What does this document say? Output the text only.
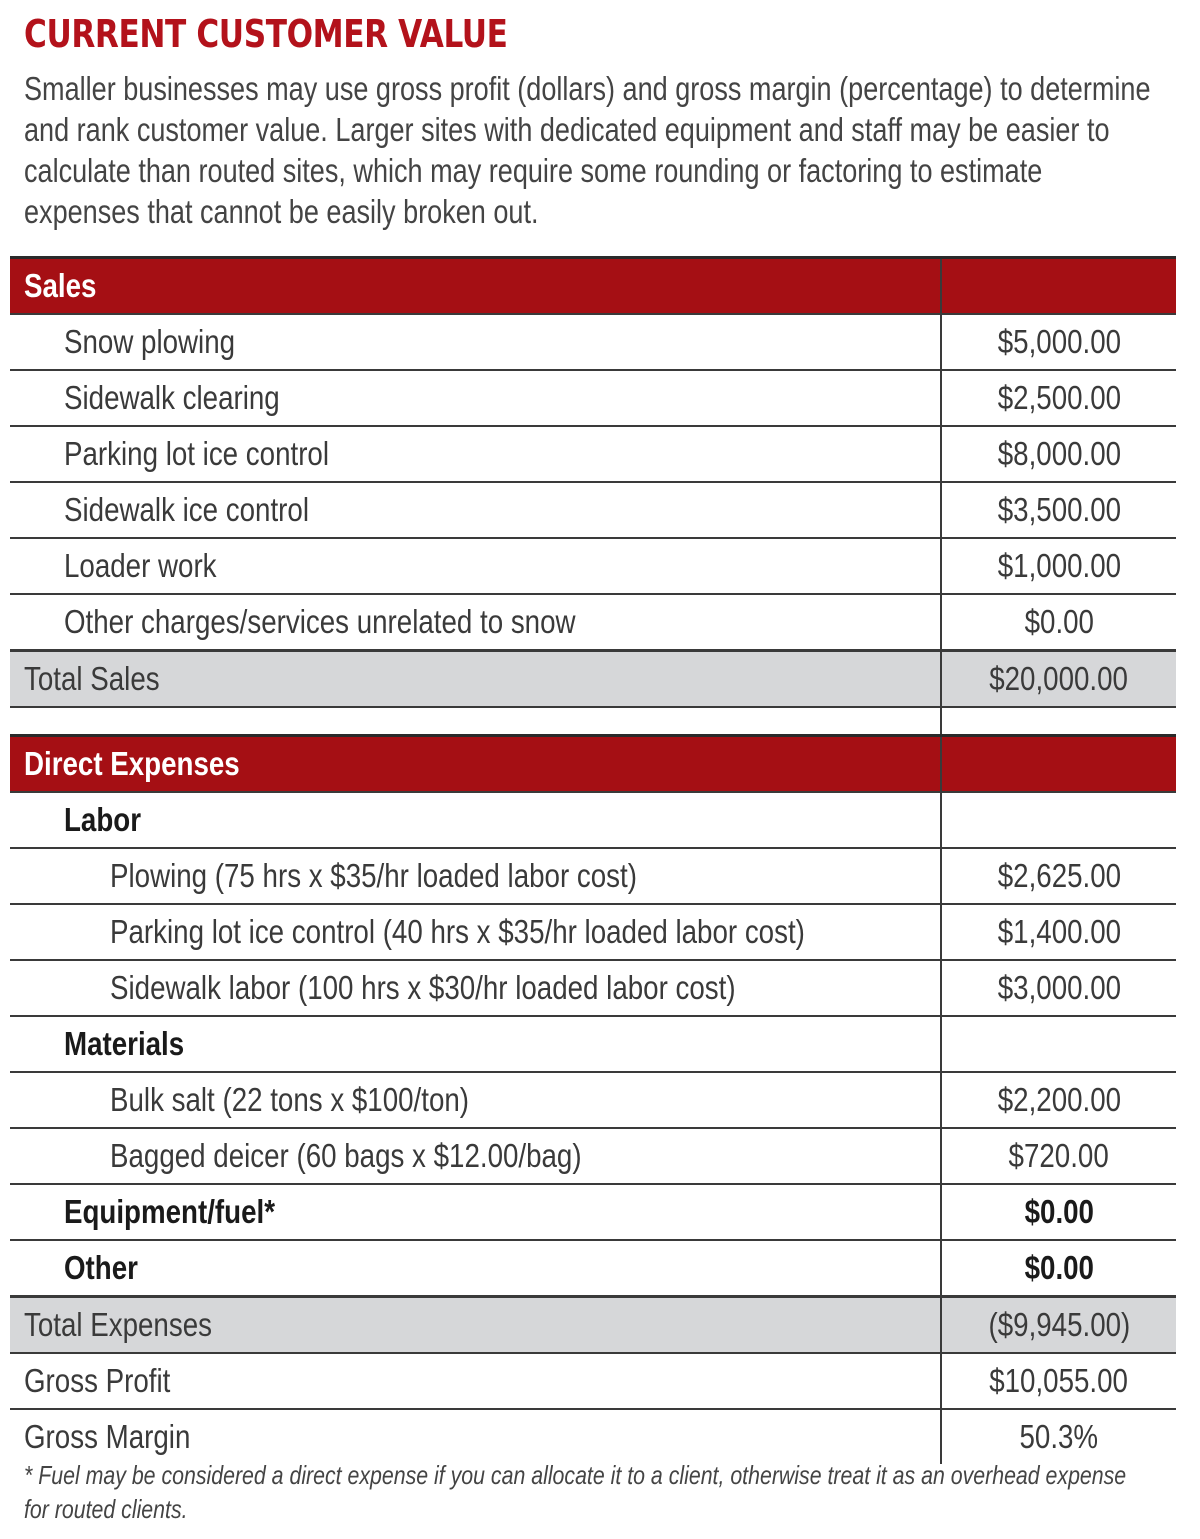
CURRENT CUSTOMER VALUE

Smaller businesses may use gross profit (dollars) and gross margin (percentage) to determine and rank customer value. Larger sites with dedicated equipment and staff may be easier to calculate than routed sites, which may require some rounding or factoring to estimate expenses that cannot be easily broken out.

Sales	
Snow plowing	$5,000.00
Sidewalk clearing	$2,500.00
Parking lot ice control	$8,000.00
Sidewalk ice control	$3,500.00
Loader work	$1,000.00
Other charges/services unrelated to snow	$0.00
Total Sales	$20,000.00

Direct Expenses	
Labor	
Plowing (75 hrs x $35/hr loaded labor cost)	$2,625.00
Parking lot ice control (40 hrs x $35/hr loaded labor cost)	$1,400.00
Sidewalk labor (100 hrs x $30/hr loaded labor cost)	$3,000.00
Materials	
Bulk salt (22 tons x $100/ton)	$2,200.00
Bagged deicer (60 bags x $12.00/bag)	$720.00
Equipment/fuel*	$0.00
Other	$0.00
Total Expenses	($9,945.00)
Gross Profit	$10,055.00
Gross Margin	50.3%

* Fuel may be considered a direct expense if you can allocate it to a client, otherwise treat it as an overhead expense for routed clients.
